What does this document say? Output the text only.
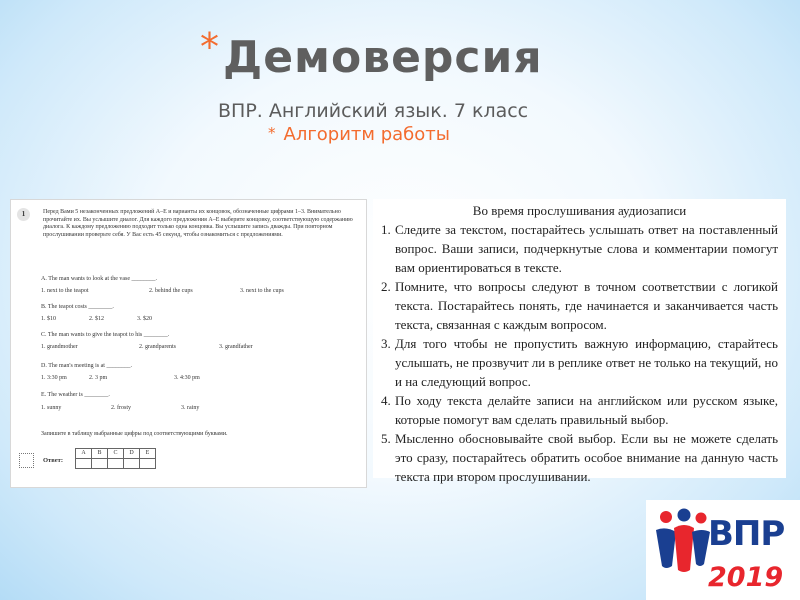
* Демоверсия
ВПР. Английский язык. 7 класс
* Алгоритм работы
1	Перед Вами 5 незаконченных предложений A–E и варианты их концовок, обозначенные цифрами 1–3. Внимательно прочитайте их. Вы услышите диалог. Для каждого предложения A–E выберите концовку, соответствующую содержанию диалога. К каждому предложению подходит только одна концовка. Вы услышите запись дважды. При повторном прослушивании проверьте себя. У Вас есть 45 секунд, чтобы ознакомиться с предложениями.
A. The man wants to look at the vase ________.
1. next to the teapot	2. behind the cups	3. next to the cups
B. The teapot costs ________.
1. $10	2. $12	3. $20
C. The man wants to give the teapot to his ________.
1. grandmother	2. grandparents	3. grandfather
D. The man's meeting is at ________.
1. 3:30 pm	2. 3 pm	3. 4:30 pm
E. The weather is ________.
1. sunny	2. frosty	3. rainy
Запишите в таблицу выбранные цифры под соответствующими буквами.
Ответ:
A	B	C	D	E

Во время прослушивания аудиозаписи
1. Следите за текстом, постарайтесь услышать ответ на поставленный вопрос. Ваши записи, подчеркнутые слова и комментарии помогут вам ориентироваться в тексте.
2. Помните, что вопросы следуют в точном соответствии с логикой текста. Постарайтесь понять, где начинается и заканчивается часть текста, связанная с каждым вопросом.
3. Для того чтобы не пропустить важную информацию, старайтесь услышать, не прозвучит ли в реплике ответ не только на текущий, но и на следующий вопрос.
4. По ходу текста делайте записи на английском или русском языке, которые помогут вам сделать правильный выбор.
5. Мысленно обосновывайте свой выбор. Если вы не можете сделать это сразу, постарайтесь обратить особое внимание на данную часть текста при втором прослушивании.
ВПР
2019
